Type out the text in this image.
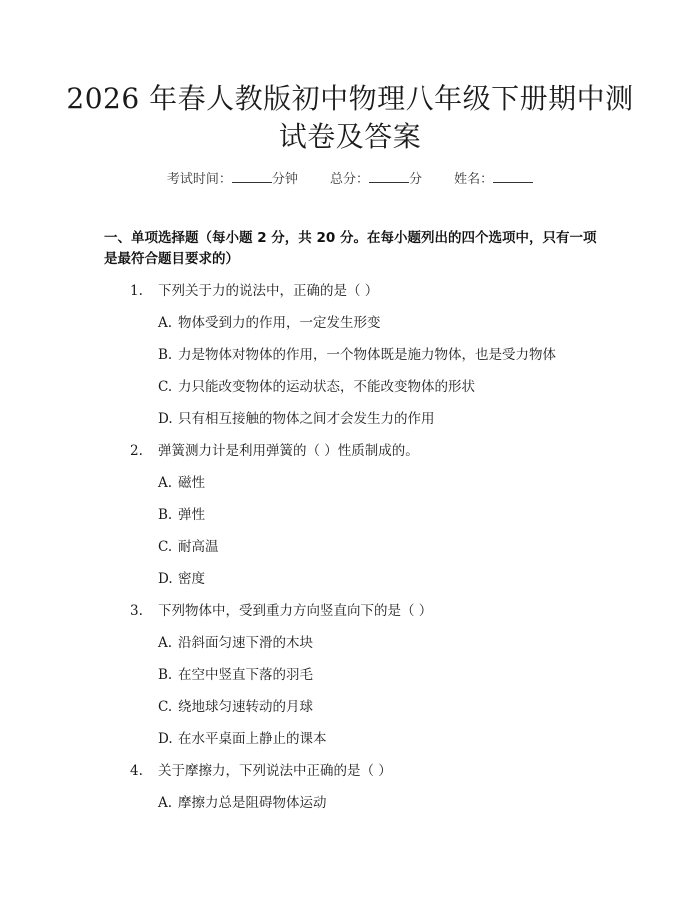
2026 年春人教版初中物理八年级下册期中测
试卷及答案
考试时间：	分钟 总分：	分 姓名：
一、单项选择题（每小题 2 分，共 20 分。在每小题列出的四个选项中，只有一项是最符合题目要求的）
1. 下列关于力的说法中，正确的是（ ）
A. 物体受到力的作用，一定发生形变
B. 力是物体对物体的作用，一个物体既是施力物体，也是受力物体
C. 力只能改变物体的运动状态，不能改变物体的形状
D. 只有相互接触的物体之间才会发生力的作用
2. 弹簧测力计是利用弹簧的（ ）性质制成的。
A. 磁性
B. 弹性
C. 耐高温
D. 密度
3. 下列物体中，受到重力方向竖直向下的是（ ）
A. 沿斜面匀速下滑的木块
B. 在空中竖直下落的羽毛
C. 绕地球匀速转动的月球
D. 在水平桌面上静止的课本
4. 关于摩擦力，下列说法中正确的是（ ）
A. 摩擦力总是阻碍物体运动
